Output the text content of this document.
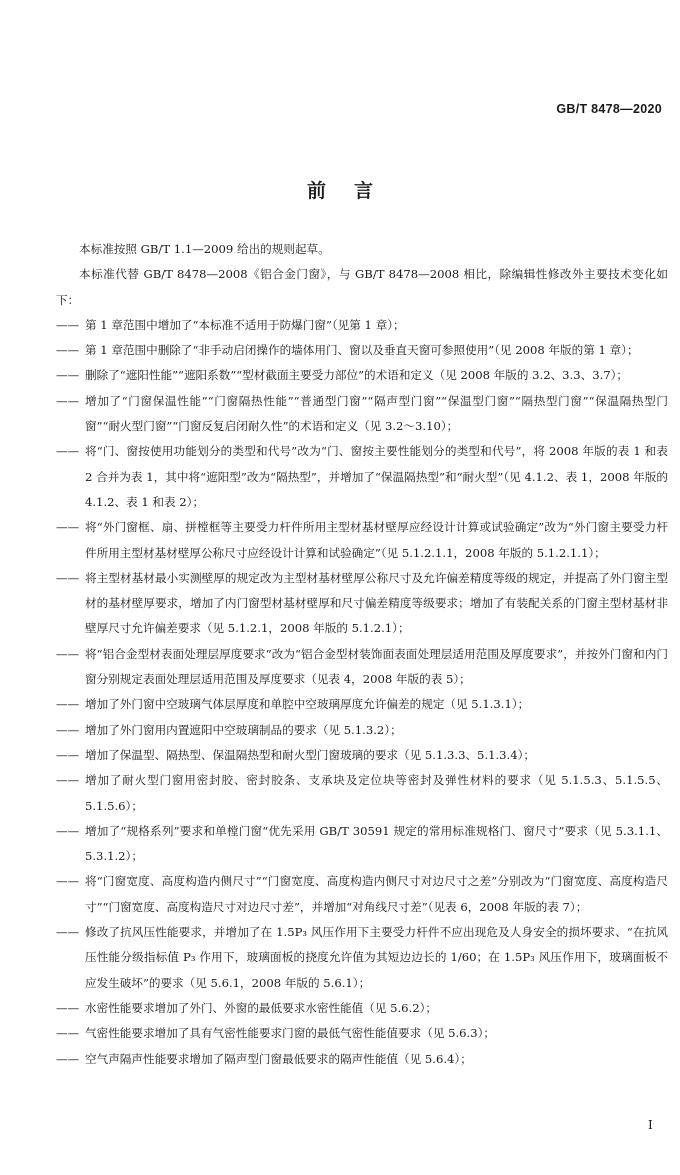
GB/T 8478—2020
前言

本标准按照 GB/T 1.1—2009 给出的规则起草。

本标准代替 GB/T 8478—2008《铝合金门窗》，与 GB/T 8478—2008 相比，除编辑性修改外主要技术变化如下：

—— 第 1 章范围中增加了“本标准不适用于防爆门窗”（见第 1 章）；
—— 第 1 章范围中删除了“非手动启闭操作的墙体用门、窗以及垂直天窗可参照使用”（见 2008 年版的第 1 章）；
—— 删除了“遮阳性能”“遮阳系数”“型材截面主要受力部位”的术语和定义（见 2008 年版的 3.2、3.3、3.7）；
—— 增加了“门窗保温性能”“门窗隔热性能”“普通型门窗”“隔声型门窗”“保温型门窗”“隔热型门窗”“保温隔热型门窗”“耐火型门窗”“门窗反复启闭耐久性”的术语和定义（见 3.2～3.10）；
—— 将“门、窗按使用功能划分的类型和代号”改为“门、窗按主要性能划分的类型和代号”，将 2008 年版的表 1 和表 2 合并为表 1，其中将“遮阳型”改为“隔热型”，并增加了“保温隔热型”和“耐火型”（见 4.1.2、表 1，2008 年版的 4.1.2、表 1 和表 2）；
—— 将“外门窗框、扇、拼樘框等主要受力杆件所用主型材基材壁厚应经设计计算或试验确定”改为“外门窗主要受力杆件所用主型材基材壁厚公称尺寸应经设计计算和试验确定”（见 5.1.2.1.1，2008 年版的 5.1.2.1.1）；
—— 将主型材基材最小实测壁厚的规定改为主型材基材壁厚公称尺寸及允许偏差精度等级的规定，并提高了外门窗主型材的基材壁厚要求，增加了内门窗型材基材壁厚和尺寸偏差精度等级要求；增加了有装配关系的门窗主型材基材非壁厚尺寸允许偏差要求（见 5.1.2.1，2008 年版的 5.1.2.1）；
—— 将“铝合金型材表面处理层厚度要求”改为“铝合金型材装饰面表面处理层适用范围及厚度要求”，并按外门窗和内门窗分别规定表面处理层适用范围及厚度要求（见表 4，2008 年版的表 5）；
—— 增加了外门窗中空玻璃气体层厚度和单腔中空玻璃厚度允许偏差的规定（见 5.1.3.1）；
—— 增加了外门窗用内置遮阳中空玻璃制品的要求（见 5.1.3.2）；
—— 增加了保温型、隔热型、保温隔热型和耐火型门窗玻璃的要求（见 5.1.3.3、5.1.3.4）；
—— 增加了耐火型门窗用密封胶、密封胶条、支承块及定位块等密封及弹性材料的要求（见 5.1.5.3、5.1.5.5、5.1.5.6）；
—— 增加了“规格系列”要求和单樘门窗“优先采用 GB/T 30591 规定的常用标准规格门、窗尺寸”要求（见 5.3.1.1、5.3.1.2）；
—— 将“门窗宽度、高度构造内侧尺寸”“门窗宽度、高度构造内侧尺寸对边尺寸之差”分别改为“门窗宽度、高度构造尺寸”“门窗宽度、高度构造尺寸对边尺寸差”，并增加“对角线尺寸差”（见表 6，2008 年版的表 7）；
—— 修改了抗风压性能要求，并增加了在 1.5P₃ 风压作用下主要受力杆件不应出现危及人身安全的损坏要求、“在抗风压性能分级指标值 P₃ 作用下，玻璃面板的挠度允许值为其短边边长的 1/60；在 1.5P₃ 风压作用下，玻璃面板不应发生破坏”的要求（见 5.6.1，2008 年版的 5.6.1）；
—— 水密性能要求增加了外门、外窗的最低要求水密性能值（见 5.6.2）；
—— 气密性能要求增加了具有气密性能要求门窗的最低气密性能值要求（见 5.6.3）；
—— 空气声隔声性能要求增加了隔声型门窗最低要求的隔声性能值（见 5.6.4）；
I
